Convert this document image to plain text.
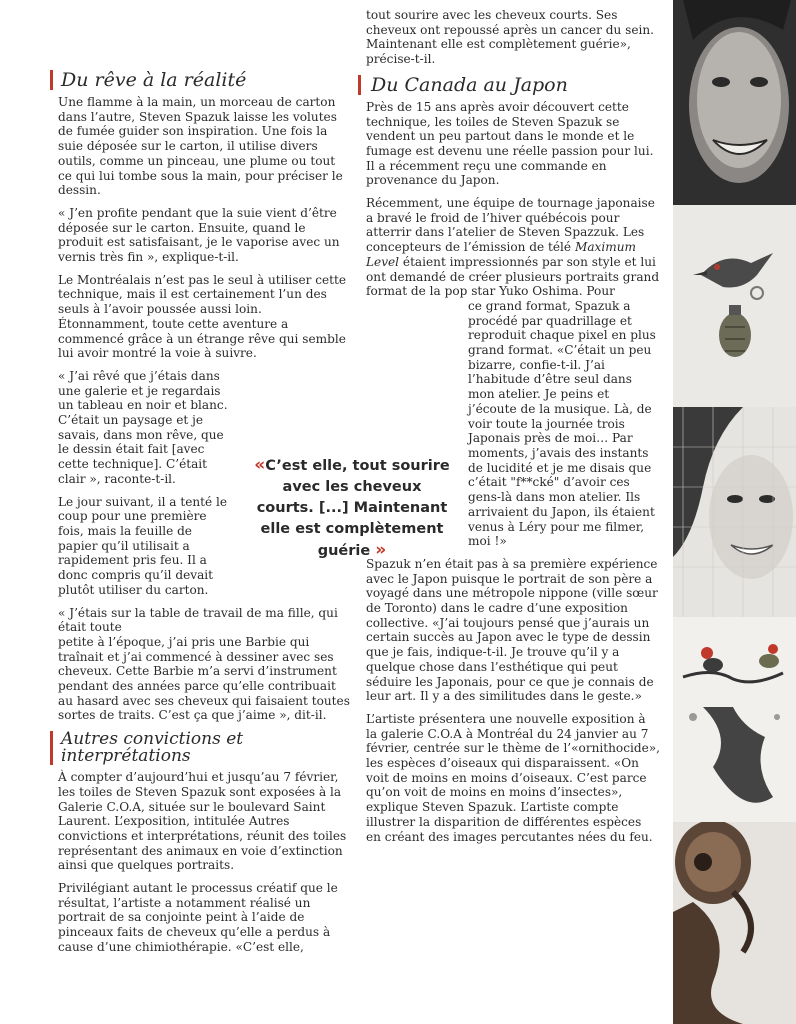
Du rêve à la réalité

Une flamme à la main, un morceau de carton dans l’autre, Steven Spazuk laisse les volutes de fumée guider son inspiration. Une fois la suie déposée sur le carton, il utilise divers outils, comme un pinceau, une plume ou tout ce qui lui tombe sous la main, pour préciser le dessin.

« J’en profite pendant que la suie vient d’être déposée sur le carton. Ensuite, quand le produit est satisfaisant, je le vaporise avec un vernis très fin », explique-t-il.

Le Montréalais n’est pas le seul à utiliser cette technique, mais il est certainement l’un des seuls à l’avoir poussée aussi loin. Étonnamment, toute cette aventure a commencé grâce à un étrange rêve qui semble lui avoir montré la voie à suivre.

« J’ai rêvé que j’étais dans une galerie et je regardais un tableau en noir et blanc. C’était un paysage et je savais, dans mon rêve, que le dessin était fait [avec cette technique]. C’était clair », raconte-t-il.

Le jour suivant, il a tenté le coup pour une première fois, mais la feuille de papier qu’il utilisait a rapidement pris feu. Il a donc compris qu’il devait plutôt utiliser du carton.

« J’étais sur la table de travail de ma fille, qui était toute

petite à l’époque, j’ai pris une Barbie qui traînait et j’ai commencé à dessiner avec ses cheveux. Cette Barbie m’a servi d’instrument pendant des années parce qu’elle contribuait au hasard avec ses cheveux qui faisaient toutes sortes de traits. C’est ça que j’aime », dit-il.

Autres convictions et interprétations

À compter d’aujourd’hui et jusqu’au 7 février, les toiles de Steven Spazuk sont exposées à la Galerie C.O.A, située sur le boulevard Saint Laurent. L’exposition, intitulée Autres convictions et interprétations, réunit des toiles représentant des animaux en voie d’extinction ainsi que quelques portraits.

Privilégiant autant le processus créatif que le résultat, l’artiste a notamment réalisé un portrait de sa conjointe peint à l’aide de pinceaux faits de cheveux qu’elle a perdus à cause d’une chimiothérapie. «C’est elle,

tout sourire avec les cheveux courts. Ses cheveux ont repoussé après un cancer du sein. Maintenant elle est complètement guérie», précise-t-il.

Du Canada au Japon

Près de 15 ans après avoir découvert cette technique, les toiles de Steven Spazuk se vendent un peu partout dans le monde et le fumage est devenu une réelle passion pour lui. Il a récemment reçu une commande en provenance du Japon.

Récemment, une équipe de tournage japonaise a bravé le froid de l’hiver québécois pour atterrir dans l’atelier de Steven Spazzuk. Les concepteurs de l’émission de télé Maximum Level étaient impressionnés par son style et lui ont demandé de créer plusieurs portraits grand format de la pop star Yuko Oshima. Pour

ce grand format, Spazuk a procédé par quadrillage et reproduit chaque pixel en plus grand format. «C’était un peu bizarre, confie-t-il. J’ai l’habitude d’être seul dans mon atelier. Je peins et j’écoute de la musique. Là, de voir toute la journée trois Japonais près de moi… Par moments, j’avais des instants de lucidité et je me disais que c’était "f**cké" d’avoir ces gens-là dans mon atelier. Ils arrivaient du Japon, ils étaient venus à Léry pour me filmer, moi !»

Spazuk n’en était pas à sa première expérience avec le Japon puisque le portrait de son père a voyagé dans une métropole nippone (ville sœur de Toronto) dans le cadre d’une exposition collective. «J’ai toujours pensé que j’aurais un certain succès au Japon avec le type de dessin que je fais, indique-t-il. Je trouve qu’il y a quelque chose dans l’esthétique qui peut séduire les Japonais, pour ce que je connais de leur art. Il y a des similitudes dans le geste.»

L’artiste présentera une nouvelle exposition à la galerie C.O.A à Montréal du 24 janvier au 7 février, centrée sur le thème de l’«ornithocide», les espèces d’oiseaux qui disparaissent. «On voit de moins en moins d’oiseaux. C’est parce qu’on voit de moins en moins d’insectes», explique Steven Spazuk. L’artiste compte illustrer la disparition de différentes espèces en créant des images percutantes nées du feu.

«C’est elle, tout sourire avec les cheveux courts. [...] Maintenant elle est complètement guérie »
